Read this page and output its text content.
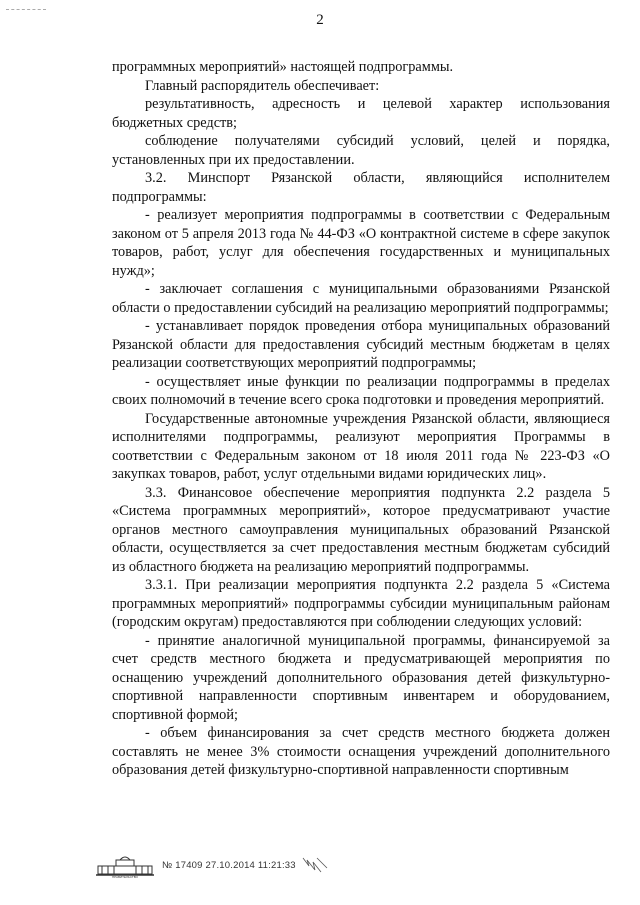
2

программных мероприятий» настоящей подпрограммы.

Главный распорядитель обеспечивает:

результативность, адресность и целевой характер использования бюджетных средств;

соблюдение получателями субсидий условий, целей и порядка, установленных при их предоставлении.

3.2. Минспорт Рязанской области, являющийся исполнителем подпрограммы:

- реализует мероприятия подпрограммы в соответствии с Федеральным законом от 5 апреля 2013 года № 44-ФЗ «О контрактной системе в сфере закупок товаров, работ, услуг для обеспечения государственных и муниципальных нужд»;

- заключает соглашения с муниципальными образованиями Рязанской области о предоставлении субсидий на реализацию мероприятий подпрограммы;

- устанавливает порядок проведения отбора муниципальных образований Рязанской области для предоставления субсидий местным бюджетам в целях реализации соответствующих мероприятий подпрограммы;

- осуществляет иные функции по реализации подпрограммы в пределах своих полномочий в течение всего срока подготовки и проведения мероприятий.

Государственные автономные учреждения Рязанской области, являющиеся исполнителями подпрограммы, реализуют мероприятия Программы в соответствии с Федеральным законом от 18 июля 2011 года № 223-ФЗ «О закупках товаров, работ, услуг отдельными видами юридических лиц».

3.3. Финансовое обеспечение мероприятия подпункта 2.2 раздела 5 «Система программных мероприятий», которое предусматривают участие органов местного самоуправления муниципальных образований Рязанской области, осуществляется за счет предоставления местным бюджетам субсидий из областного бюджета на реализацию мероприятий подпрограммы.

3.3.1. При реализации мероприятия подпункта 2.2 раздела 5 «Система программных мероприятий» подпрограммы субсидии муниципальным районам (городским округам) предоставляются при соблюдении следующих условий:

- принятие аналогичной муниципальной программы, финансируемой за счет средств местного бюджета и предусматривающей мероприятия по оснащению учреждений дополнительного образования детей физкультурно-спортивной направленности спортивным инвентарем и оборудованием, спортивной формой;

- объем финансирования за счет средств местного бюджета должен составлять не менее 3% стоимости оснащения учреждений дополнительного образования детей физкультурно-спортивной направленности спортивным

ПРАВИТЕЛЬСТВО
№ 17409 27.10.2014 11:21:33
